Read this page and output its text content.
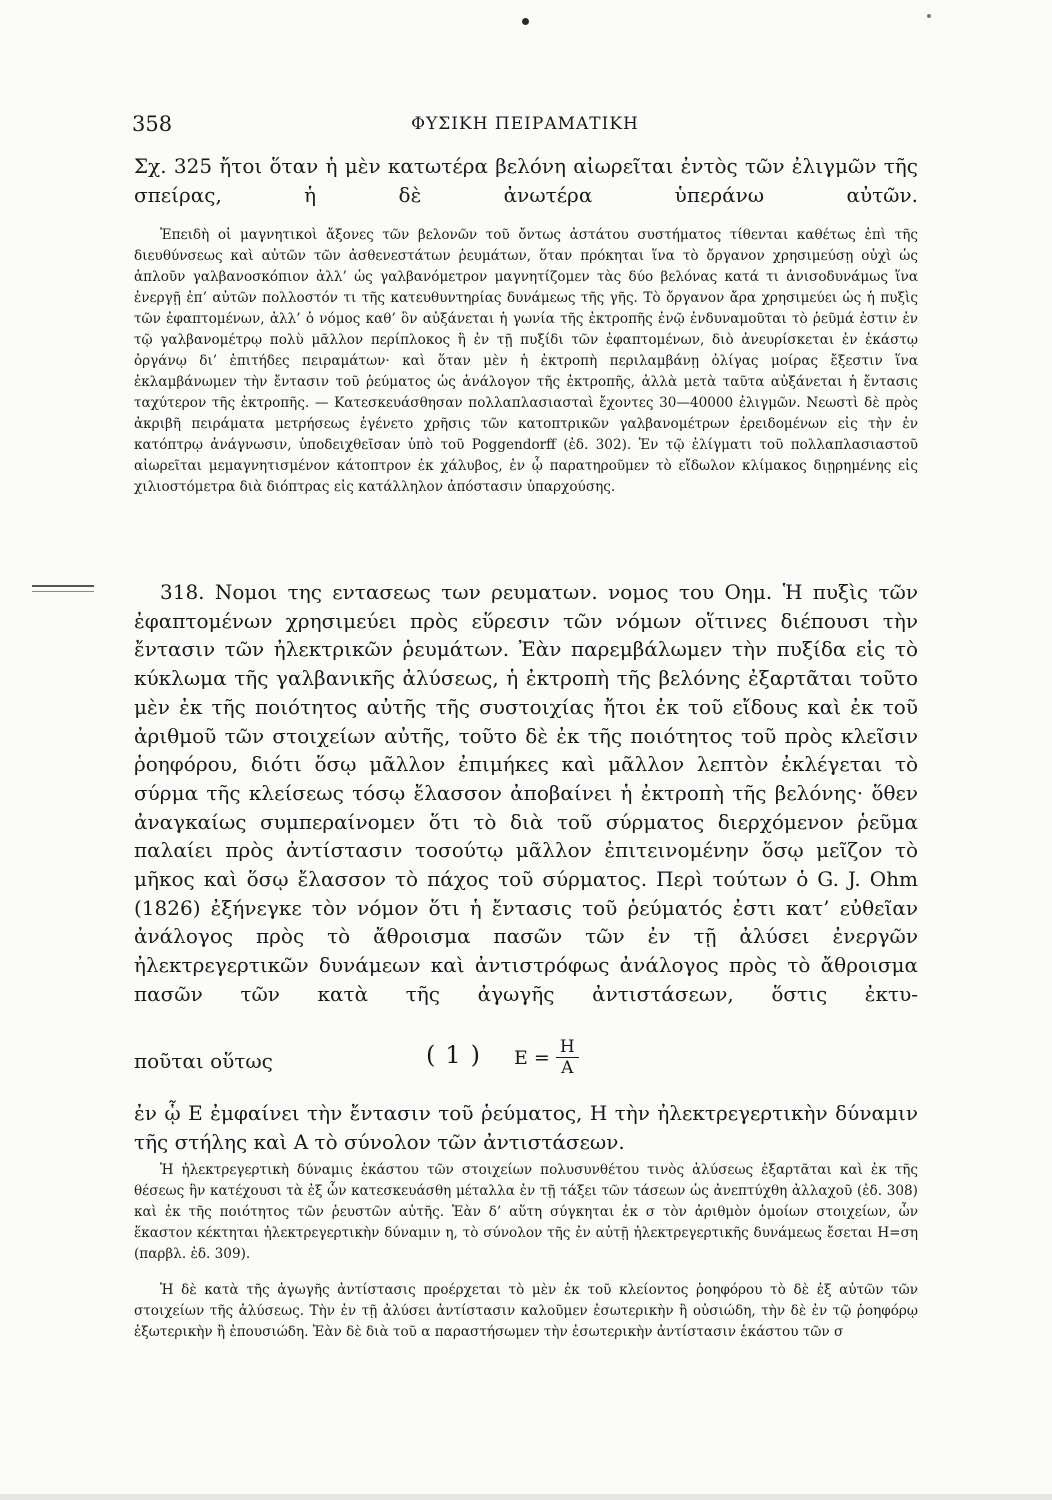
358	ΦΥΣΙΚΗ ΠΕΙΡΑΜΑΤΙΚΗ

Σχ. 325 ἤτοι ὅταν ἡ μὲν κατωτέρα βελόνη αἰωρεῖται ἐντὸς τῶν ἐλιγμῶν τῆς σπείρας, ἡ δὲ ἀνωτέρα ὑπεράνω αὐτῶν.

Ἐπειδὴ οἱ μαγνητικοὶ ἄξονες τῶν βελονῶν τοῦ ὄντως ἀστάτου συστήματος τίθενται καθέτως ἐπὶ τῆς διευθύνσεως καὶ αὐτῶν τῶν ἀσθενεστάτων ῥευμάτων, ὅταν πρόκηται ἵνα τὸ ὄργανον χρησιμεύσῃ οὐχὶ ὡς ἁπλοῦν γαλβανοσκόπιον ἀλλ’ ὡς γαλβανόμετρον μαγνητίζομεν τὰς δύο βελόνας κατά τι ἀνισοδυνάμως ἵνα ἐνεργῇ ἐπ’ αὐτῶν πολλοστόν τι τῆς κατευθυντηρίας δυνάμεως τῆς γῆς. Τὸ ὄργανον ἄρα χρησιμεύει ὡς ἡ πυξὶς τῶν ἐφαπτομένων, ἀλλ’ ὁ νόμος καθ’ ὃν αὐξάνεται ἡ γωνία τῆς ἐκτροπῆς ἐνῷ ἐνδυναμοῦται τὸ ῥεῦμά ἐστιν ἐν τῷ γαλβανομέτρῳ πολὺ μᾶλλον περίπλοκος ἢ ἐν τῇ πυξίδι τῶν ἐφαπτομένων, διὸ ἀνευρίσκεται ἐν ἑκάστῳ ὀργάνῳ δι’ ἐπιτήδες πειραμάτων· καὶ ὅταν μὲν ἡ ἐκτροπὴ περιλαμβάνῃ ὀλίγας μοίρας ἔξεστιν ἵνα ἐκλαμβάνωμεν τὴν ἔντασιν τοῦ ῥεύματος ὡς ἀνάλογον τῆς ἐκτροπῆς, ἀλλὰ μετὰ ταῦτα αὐξάνεται ἡ ἔντασις ταχύτερον τῆς ἐκτροπῆς. — Κατεσκευάσθησαν πολλαπλασιασταὶ ἔχοντες 30—40000 ἐλιγμῶν. Νεωστὶ δὲ πρὸς ἀκριβῆ πειράματα μετρήσεως ἐγένετο χρῆσις τῶν κατοπτρικῶν γαλβανομέτρων ἐρειδομένων εἰς τὴν ἐν κατόπτρῳ ἀνάγνωσιν, ὑποδειχθεῖσαν ὑπὸ τοῦ Poggendorff (ἐδ. 302). Ἐν τῷ ἐλίγματι τοῦ πολλαπλασιαστοῦ αἰωρεῖται μεμαγνητισμένον κάτοπτρον ἐκ χάλυβος, ἐν ᾧ παρατηροῦμεν τὸ εἴδωλον κλίμακος διῃρημένης εἰς χιλιοστόμετρα διὰ διόπτρας εἰς κατάλληλον ἀπόστασιν ὑπαρχούσης.

318. Νομοι της εντασεως των ρευματων. νομος του Οημ. Ἡ πυξὶς τῶν ἐφαπτομένων χρησιμεύει πρὸς εὕρεσιν τῶν νόμων οἵτινες διέπουσι τὴν ἔντασιν τῶν ἠλεκτρικῶν ῥευμάτων. Ἐὰν παρεμβάλωμεν τὴν πυξίδα εἰς τὸ κύκλωμα τῆς γαλβανικῆς ἀλύσεως, ἡ ἐκτροπὴ τῆς βελόνης ἐξαρτᾶται τοῦτο μὲν ἐκ τῆς ποιότητος αὐτῆς τῆς συστοιχίας ἤτοι ἐκ τοῦ εἴδους καὶ ἐκ τοῦ ἀριθμοῦ τῶν στοιχείων αὐτῆς, τοῦτο δὲ ἐκ τῆς ποιότητος τοῦ πρὸς κλεῖσιν ῥοηφόρου, διότι ὅσῳ μᾶλλον ἐπιμήκες καὶ μᾶλλον λεπτὸν ἐκλέγεται τὸ σύρμα τῆς κλείσεως τόσῳ ἔλασσον ἀποβαίνει ἡ ἐκτροπὴ τῆς βελόνης· ὅθεν ἀναγκαίως συμπεραίνομεν ὅτι τὸ διὰ τοῦ σύρματος διερχόμενον ῥεῦμα παλαίει πρὸς ἀντίστασιν τοσούτῳ μᾶλλον ἐπιτεινομένην ὅσῳ μεῖζον τὸ μῆκος καὶ ὅσῳ ἔλασσον τὸ πάχος τοῦ σύρματος. Περὶ τούτων ὁ G. J. Ohm (1826) ἐξήνεγκε τὸν νόμον ὅτι ἡ ἔντασις τοῦ ῥεύματός ἐστι κατ’ εὐθεῖαν ἀνάλογος πρὸς τὸ ἄθροισμα πασῶν τῶν ἐν τῇ ἀλύσει ἐνεργῶν ἠλεκτρεγερτικῶν δυνάμεων καὶ ἀντιστρόφως ἀνάλογος πρὸς τὸ ἄθροισμα πασῶν τῶν κατὰ τῆς ἀγωγῆς ἀντιστάσεων, ὅστις ἐκτυ-

ποῦται οὕτως	(1) $E = \frac{H}{A}$

ἐν ᾧ E ἐμφαίνει τὴν ἔντασιν τοῦ ῥεύματος, H τὴν ἠλεκτρεγερτικὴν δύναμιν τῆς στήλης καὶ A τὸ σύνολον τῶν ἀντιστάσεων.

Ἡ ἠλεκτρεγερτικὴ δύναμις ἑκάστου τῶν στοιχείων πολυσυνθέτου τινὸς ἀλύσεως ἐξαρτᾶται καὶ ἐκ τῆς θέσεως ἣν κατέχουσι τὰ ἐξ ὧν κατεσκευάσθη μέταλλα ἐν τῇ τάξει τῶν τάσεων ὡς ἀνεπτύχθη ἀλλαχοῦ (ἐδ. 308) καὶ ἐκ τῆς ποιότητος τῶν ῥευστῶν αὐτῆς. Ἐὰν δ’ αὕτη σύγκηται ἐκ σ τὸν ἀριθμὸν ὁμοίων στοιχείων, ὧν ἕκαστον κέκτηται ἠλεκτρεγερτικὴν δύναμιν η, τὸ σύνολον τῆς ἐν αὐτῇ ἠλεκτρεγερτικῆς δυνάμεως ἔσεται H=ση (παρβλ. ἐδ. 309).

Ἡ δὲ κατὰ τῆς ἀγωγῆς ἀντίστασις προέρχεται τὸ μὲν ἐκ τοῦ κλείοντος ῥοηφόρου τὸ δὲ ἐξ αὐτῶν τῶν στοιχείων τῆς ἀλύσεως. Τὴν ἐν τῇ ἀλύσει ἀντίστασιν καλοῦμεν ἐσωτερικὴν ἢ οὐσιώδη, τὴν δὲ ἐν τῷ ῥοηφόρῳ ἐξωτερικὴν ἢ ἐπουσιώδη. Ἐὰν δὲ διὰ τοῦ α παραστήσωμεν τὴν ἐσωτερικὴν ἀντίστασιν ἑκάστου τῶν σ
